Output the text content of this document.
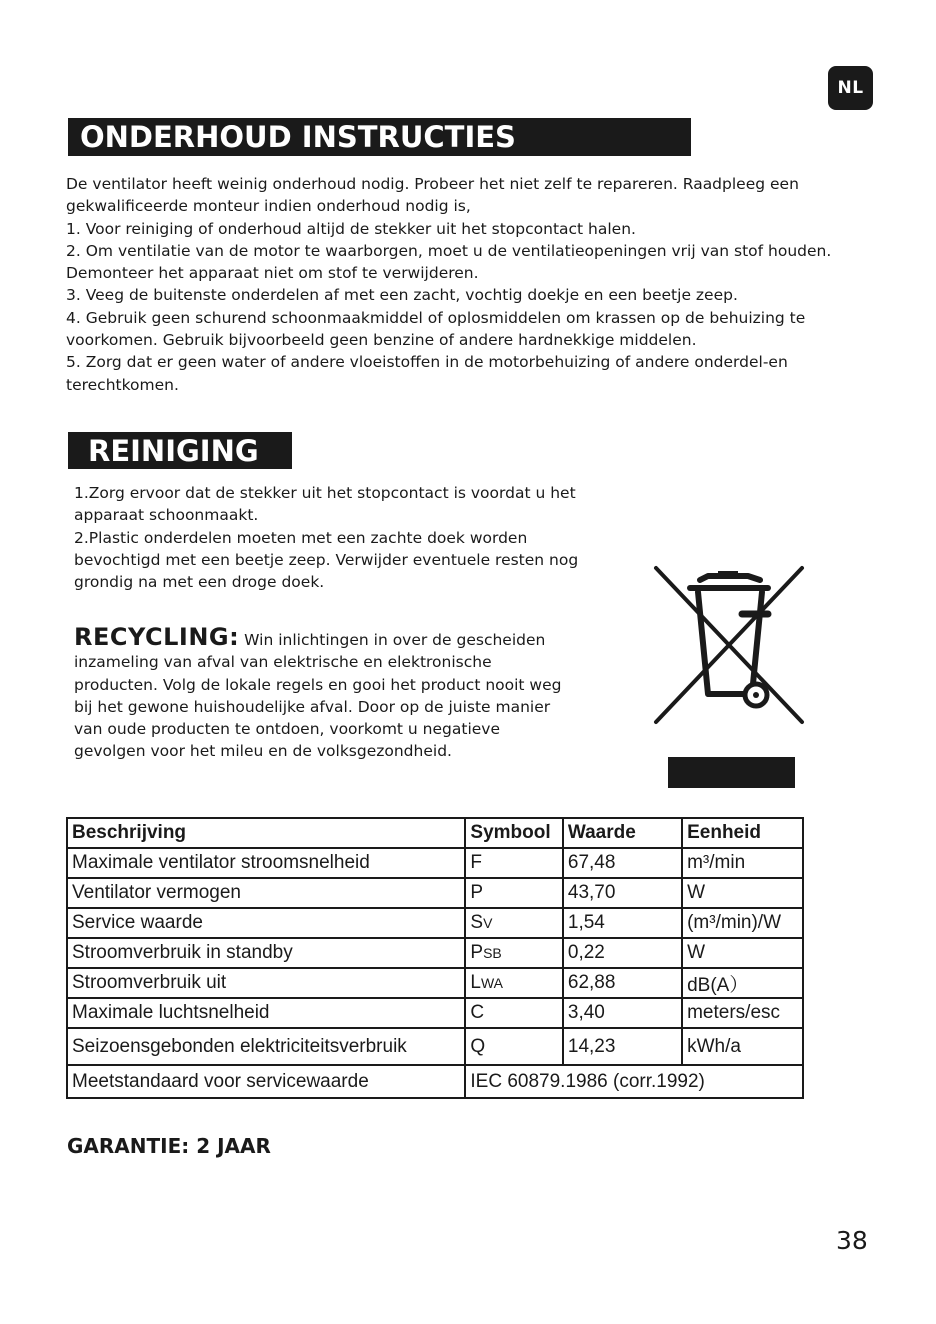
NL
ONDERHOUD INSTRUCTIES

De ventilator heeft weinig onderhoud nodig. Probeer het niet zelf te repareren. Raadpleeg een gekwalificeerde monteur indien onderhoud nodig is,

1. Voor reiniging of onderhoud altijd de stekker uit het stopcontact halen.

2. Om ventilatie van de motor te waarborgen, moet u de ventilatieopeningen vrij van stof houden. Demonteer het apparaat niet om stof te verwijderen.

3. Veeg de buitenste onderdelen af met een zacht, vochtig doekje en een beetje zeep.

4. Gebruik geen schurend schoonmaakmiddel of oplosmiddelen om krassen op de behuizing te voorkomen. Gebruik bijvoorbeeld geen benzine of andere hardnekkige middelen.

5. Zorg dat er geen water of andere vloeistoffen in de motorbehuizing of andere onderdel-en terechtkomen.

REINIGING

1.Zorg ervoor dat de stekker uit het stopcontact is voordat u het apparaat schoonmaakt.

2.Plastic onderdelen moeten met een zachte doek worden bevochtigd met een beetje zeep. Verwijder eventuele resten nog grondig na met een droge doek.

RECYCLING: Win inlichtingen in over de gescheiden inzameling van afval van elektrische en elektronische producten. Volg de lokale regels en gooi het product nooit weg bij het gewone huishoudelijke afval. Door op de juiste manier van oude producten te ontdoen, voorkomt u negatieve gevolgen voor het mileu en de volksgezondheid.
Beschrijving	Symbool	Waarde	Eenheid
Maximale ventilator stroomsnelheid	F	67,48	m³/min
Ventilator vermogen	P	43,70	W
Service waarde	SV	1,54	(m³/min)/W
Stroomverbruik in standby	PSB	0,22	W
Stroomverbruik uit	LWA	62,88	dB(A）
Maximale luchtsnelheid	C	3,40	meters/esc
Seizoensgebonden elektriciteitsverbruik	Q	14,23	kWh/a
Meetstandaard voor servicewaarde	IEC 60879.1986 (corr.1992)		
GARANTIE: 2 JAAR
38
